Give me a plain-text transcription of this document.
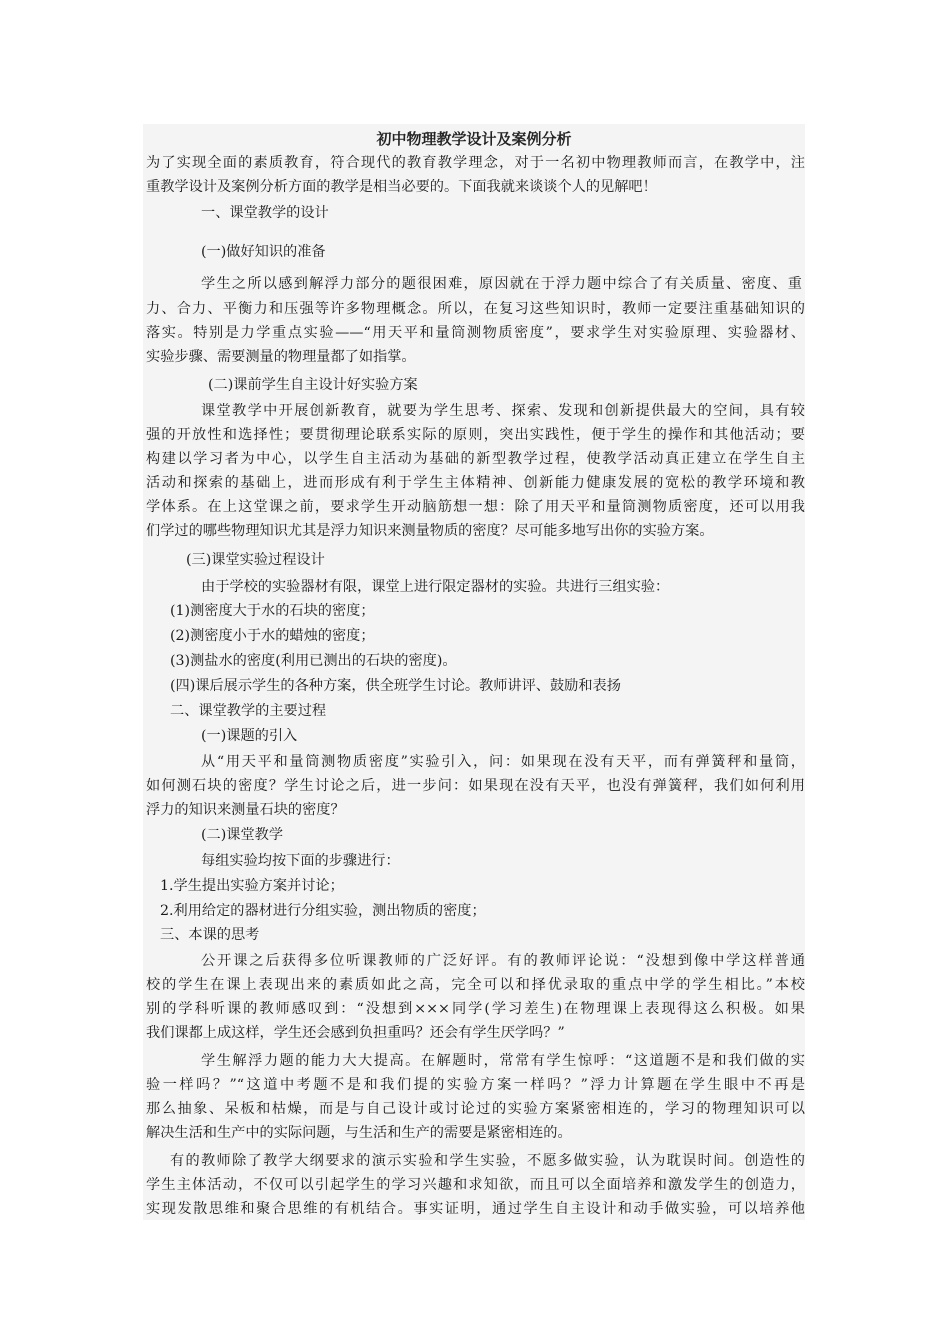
初中物理教学设计及案例分析
为了实现全面的素质教育，符合现代的教育教学理念，对于一名初中物理教师而言，在教学中，注
重教学设计及案例分析方面的教学是相当必要的。下面我就来谈谈个人的见解吧！
一、课堂教学的设计
(一)做好知识的准备
学生之所以感到解浮力部分的题很困难，原因就在于浮力题中综合了有关质量、密度、重
力、合力、平衡力和压强等许多物理概念。所以，在复习这些知识时，教师一定要注重基础知识的
落实。特别是力学重点实验——“用天平和量筒测物质密度”，要求学生对实验原理、实验器材、
实验步骤、需要测量的物理量都了如指掌。
(二)课前学生自主设计好实验方案
课堂教学中开展创新教育，就要为学生思考、探索、发现和创新提供最大的空间，具有较
强的开放性和选择性；要贯彻理论联系实际的原则，突出实践性，便于学生的操作和其他活动；要
构建以学习者为中心，以学生自主活动为基础的新型教学过程，使教学活动真正建立在学生自主
活动和探索的基础上，进而形成有利于学生主体精神、创新能力健康发展的宽松的教学环境和教
学体系。在上这堂课之前，要求学生开动脑筋想一想：除了用天平和量筒测物质密度，还可以用我
们学过的哪些物理知识尤其是浮力知识来测量物质的密度？尽可能多地写出你的实验方案。
(三)课堂实验过程设计
由于学校的实验器材有限，课堂上进行限定器材的实验。共进行三组实验：
(1)测密度大于水的石块的密度；
(2)测密度小于水的蜡烛的密度；
(3)测盐水的密度(利用已测出的石块的密度)。
(四)课后展示学生的各种方案，供全班学生讨论。教师讲评、鼓励和表扬
二、课堂教学的主要过程
(一)课题的引入
从“用天平和量筒测物质密度”实验引入，问：如果现在没有天平，而有弹簧秤和量筒，
如何测石块的密度？学生讨论之后，进一步问：如果现在没有天平，也没有弹簧秤，我们如何利用
浮力的知识来测量石块的密度？
(二)课堂教学
每组实验均按下面的步骤进行：
1.学生提出实验方案并讨论；
2.利用给定的器材进行分组实验，测出物质的密度；
三、本课的思考
公开课之后获得多位听课教师的广泛好评。有的教师评论说：“没想到像中学这样普通
校的学生在课上表现出来的素质如此之高，完全可以和择优录取的重点中学的学生相比。”本校
别的学科听课的教师感叹到：“没想到×××同学(学习差生)在物理课上表现得这么积极。如果
我们课都上成这样，学生还会感到负担重吗？还会有学生厌学吗？”
学生解浮力题的能力大大提高。在解题时，常常有学生惊呼：“这道题不是和我们做的实
验一样吗？”“这道中考题不是和我们提的实验方案一样吗？”浮力计算题在学生眼中不再是
那么抽象、呆板和枯燥，而是与自己设计或讨论过的实验方案紧密相连的，学习的物理知识可以
解决生活和生产中的实际问题，与生活和生产的需要是紧密相连的。
有的教师除了教学大纲要求的演示实验和学生实验，不愿多做实验，认为耽误时间。创造性的
学生主体活动，不仅可以引起学生的学习兴趣和求知欲，而且可以全面培养和激发学生的创造力，
实现发散思维和聚合思维的有机结合。事实证明，通过学生自主设计和动手做实验，可以培养他
